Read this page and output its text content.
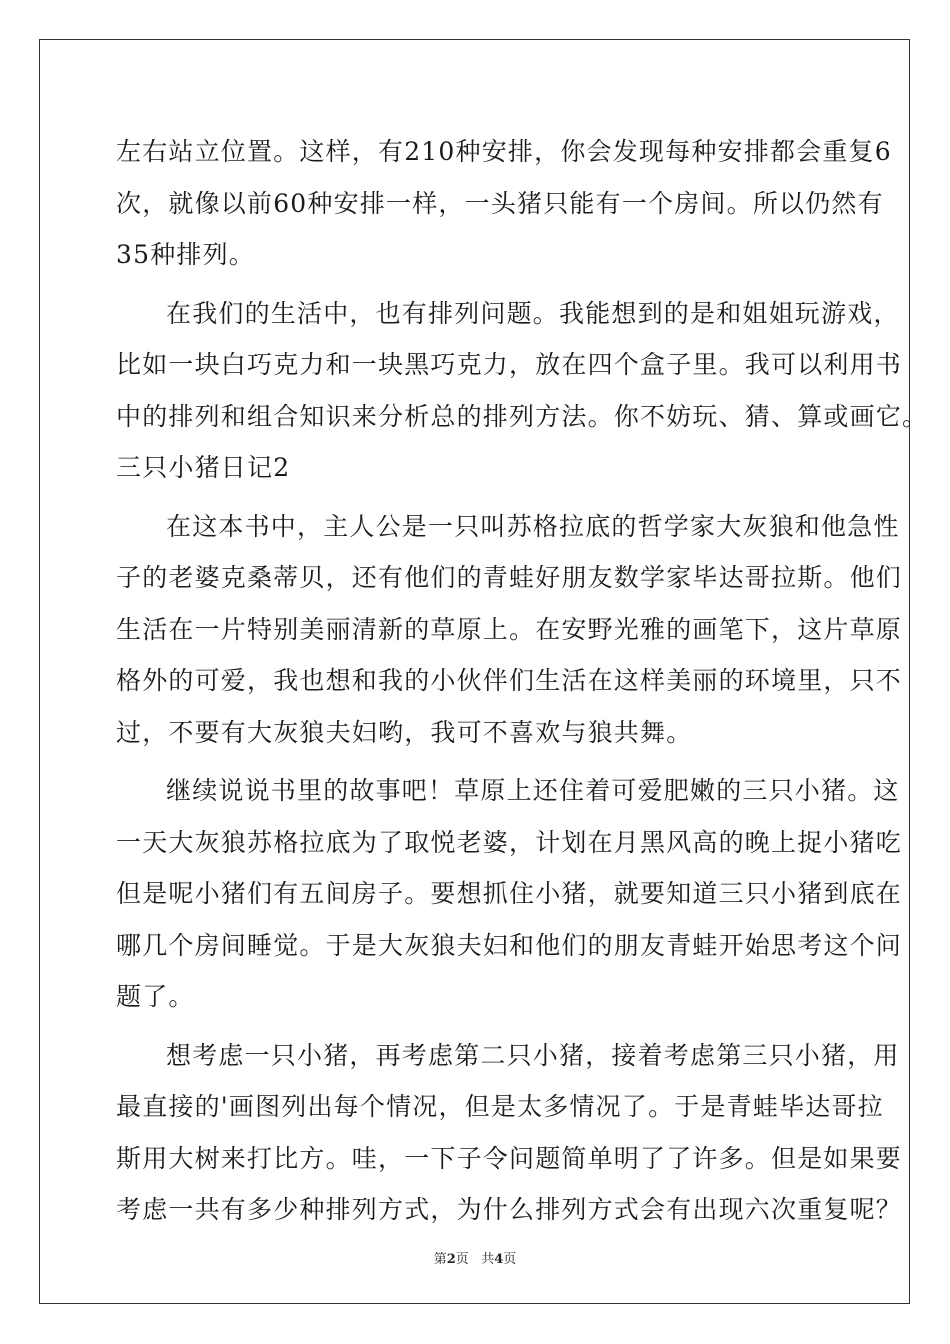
左右站立位置。这样，有210种安排，你会发现每种安排都会重复6
次，就像以前60种安排一样，一头猪只能有一个房间。所以仍然有
35种排列。
在我们的生活中，也有排列问题。我能想到的是和姐姐玩游戏，
比如一块白巧克力和一块黑巧克力，放在四个盒子里。我可以利用书
中的排列和组合知识来分析总的排列方法。你不妨玩、猜、算或画它。
三只小猪日记2
在这本书中，主人公是一只叫苏格拉底的哲学家大灰狼和他急性
子的老婆克桑蒂贝，还有他们的青蛙好朋友数学家毕达哥拉斯。他们
生活在一片特别美丽清新的草原上。在安野光雅的画笔下，这片草原
格外的可爱，我也想和我的小伙伴们生活在这样美丽的环境里，只不
过，不要有大灰狼夫妇哟，我可不喜欢与狼共舞。
继续说说书里的故事吧！草原上还住着可爱肥嫩的三只小猪。这
一天大灰狼苏格拉底为了取悦老婆，计划在月黑风高的晚上捉小猪吃
但是呢小猪们有五间房子。要想抓住小猪，就要知道三只小猪到底在
哪几个房间睡觉。于是大灰狼夫妇和他们的朋友青蛙开始思考这个问
题了。
想考虑一只小猪，再考虑第二只小猪，接着考虑第三只小猪，用
最直接的'画图列出每个情况，但是太多情况了。于是青蛙毕达哥拉
斯用大树来打比方。哇，一下子令问题简单明了了许多。但是如果要
考虑一共有多少种排列方式，为什么排列方式会有出现六次重复呢？
第2页 共4页
